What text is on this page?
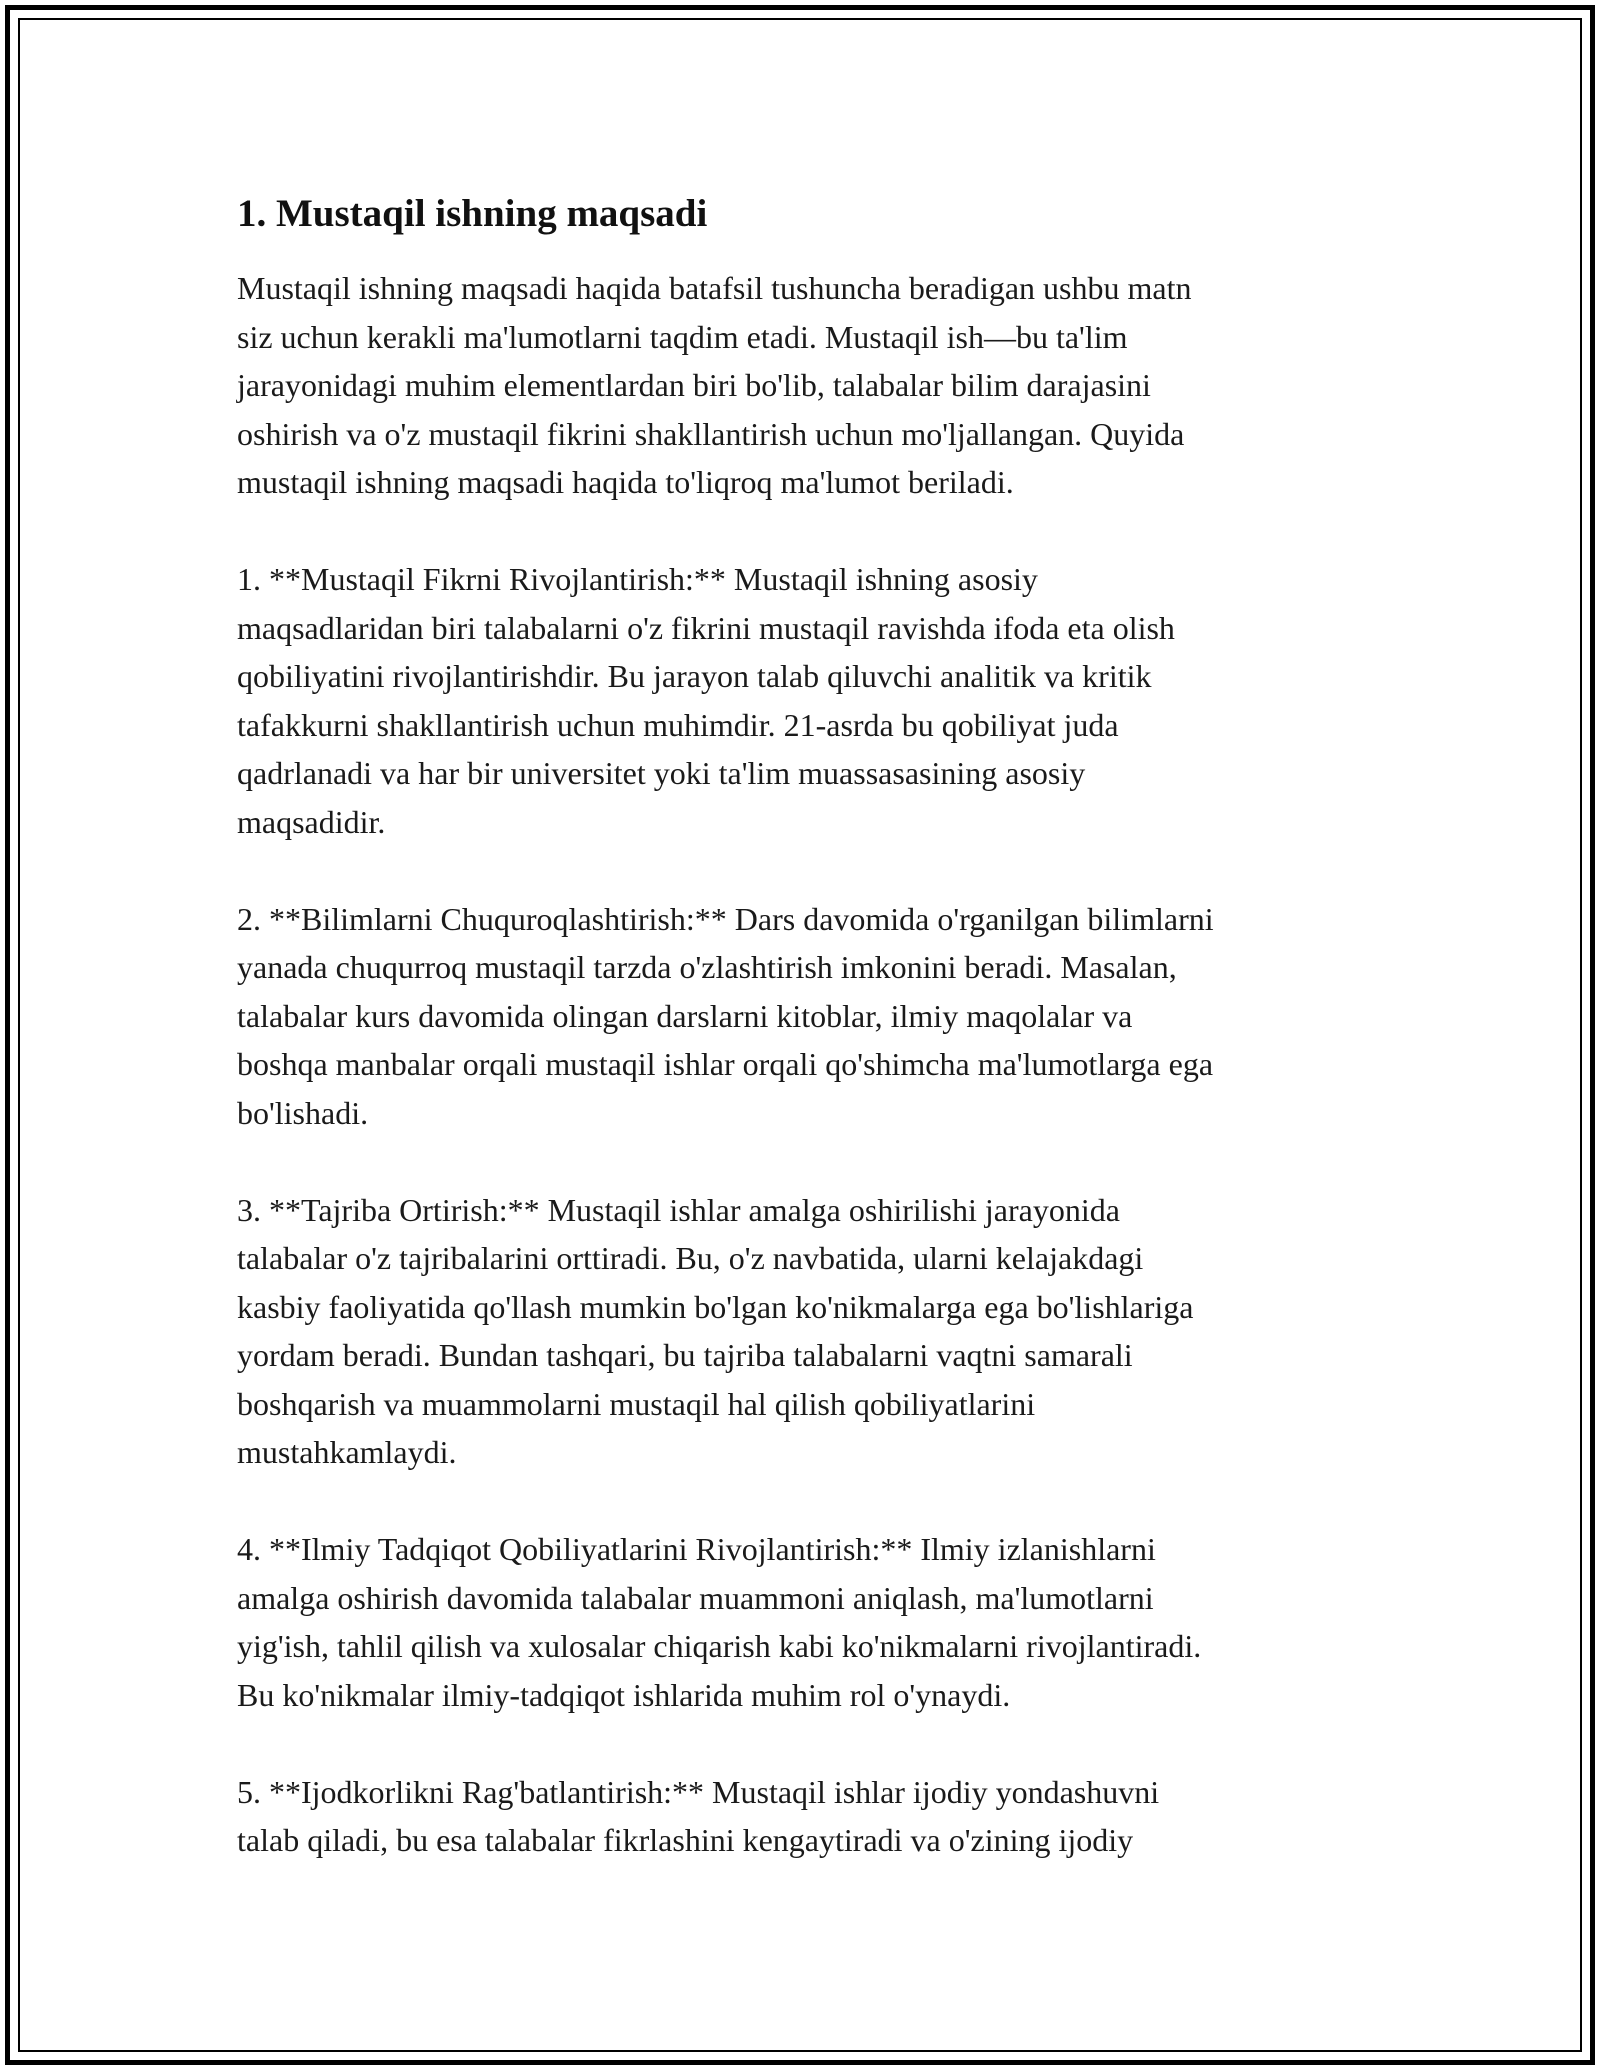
1. Mustaqil ishning maqsadi

Mustaqil ishning maqsadi haqida batafsil tushuncha beradigan ushbu matn
siz uchun kerakli ma'lumotlarni taqdim etadi. Mustaqil ish—bu ta'lim
jarayonidagi muhim elementlardan biri bo'lib, talabalar bilim darajasini
oshirish va o'z mustaqil fikrini shakllantirish uchun mo'ljallangan. Quyida
mustaqil ishning maqsadi haqida to'liqroq ma'lumot beriladi.

1. **Mustaqil Fikrni Rivojlantirish:** Mustaqil ishning asosiy
maqsadlaridan biri talabalarni o'z fikrini mustaqil ravishda ifoda eta olish
qobiliyatini rivojlantirishdir. Bu jarayon talab qiluvchi analitik va kritik
tafakkurni shakllantirish uchun muhimdir. 21-asrda bu qobiliyat juda
qadrlanadi va har bir universitet yoki ta'lim muassasasining asosiy
maqsadidir.

2. **Bilimlarni Chuquroqlashtirish:** Dars davomida o'rganilgan bilimlarni
yanada chuqurroq mustaqil tarzda o'zlashtirish imkonini beradi. Masalan,
talabalar kurs davomida olingan darslarni kitoblar, ilmiy maqolalar va
boshqa manbalar orqali mustaqil ishlar orqali qo'shimcha ma'lumotlarga ega
bo'lishadi.

3. **Tajriba Ortirish:** Mustaqil ishlar amalga oshirilishi jarayonida
talabalar o'z tajribalarini orttiradi. Bu, o'z navbatida, ularni kelajakdagi
kasbiy faoliyatida qo'llash mumkin bo'lgan ko'nikmalarga ega bo'lishlariga
yordam beradi. Bundan tashqari, bu tajriba talabalarni vaqtni samarali
boshqarish va muammolarni mustaqil hal qilish qobiliyatlarini
mustahkamlaydi.

4. **Ilmiy Tadqiqot Qobiliyatlarini Rivojlantirish:** Ilmiy izlanishlarni
amalga oshirish davomida talabalar muammoni aniqlash, ma'lumotlarni
yig'ish, tahlil qilish va xulosalar chiqarish kabi ko'nikmalarni rivojlantiradi.
Bu ko'nikmalar ilmiy-tadqiqot ishlarida muhim rol o'ynaydi.

5. **Ijodkorlikni Rag'batlantirish:** Mustaqil ishlar ijodiy yondashuvni
talab qiladi, bu esa talabalar fikrlashini kengaytiradi va o'zining ijodiy
